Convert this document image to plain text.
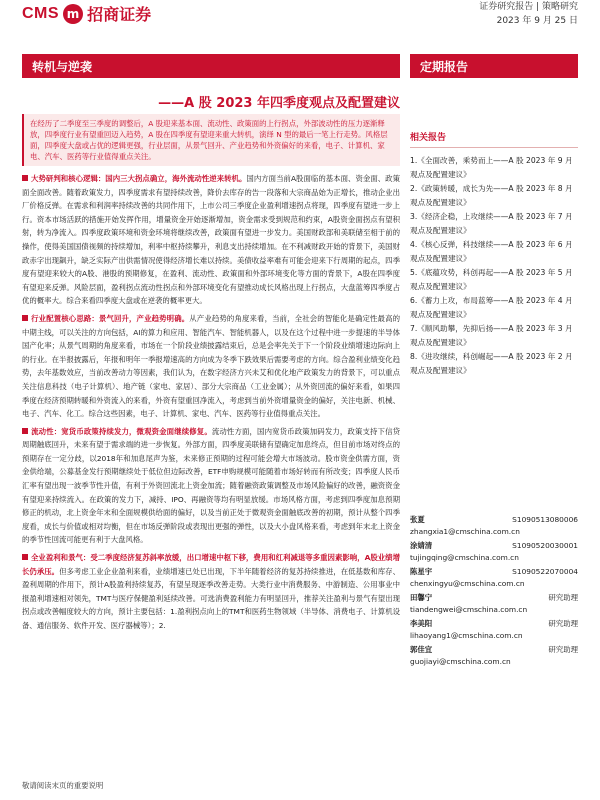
CMS m 招商证券	证券研究报告 | 策略研究
2023 年 9 月 25 日
转机与逆袭	定期报告
——A 股 2023 年四季度观点及配置建议
在经历了二季度至三季度的调整后，A 股迎来基本面、流动性、政策面的上行拐点，外部波动性的压力逐渐释放，四季度行业有望重回迈入趋势，A 股在四季度有望迎来重大转机，演绎 N 型的最后一笔上行走势。风格层面，四季度大盘或占优的逻辑更强，行业层面，从景气回升、产业趋势和外资偏好的来看，电子、计算机、家电、汽车、医药等行业值得重点关注。
大势研判和核心逻辑：国内三大拐点确立，海外流动性逆来转机。国内方面当前A股面临的基本面、资金面、政策面全面改善。随着政策发力，四季度需求有望持续改善，降价去库存的告一段落和大宗商品始为正增长，推动企业出厂价格反弹。在需求和利润率持续改善的共同作用下，上市公司三季度企业盈利增速拐点将现，四季度有望进一步上行。资本市场活跃的措施开始发挥作用，增量资金开始逐渐增加，资金需求受到规范和约束，A股资金面拐点有望积射，转为净流入。四季度政策环境和资金环境将继续改善，政策面有望进一步发力。美国财政部和美联储至相于前的操作，使得美国国债视频的持续增加，利率中枢持续攀升，利息支出持续增加。在不利减财政开始的背景下，美国财政赤字出现飙升，缺乏实际产出供需情况使得经济增长难以持续。美债收益率难有可能会迎来下行周期的起点，四季度有望迎来较大的A股、港股的预期修复，在盈利、流动性、政策面和外部环境变化等方面的背景下，A股在四季度有望迎来反弹。风险层面，盈利拐点流动性拐点和外部环境变化有望推动成长风格出现上行拐点，大盘蓝筹四季度占优的概率大。综合来看四季度大盘或在逆袭的概率更大。
行业配置核心思路：景气回升，产业趋势明确。从产业趋势的角度来看，当前，全社会的智能化是确定性最高的中期主线，可以关注的方向包括，AI的算力和应用、智能汽车、智能机器人，以及在这个过程中进一步提速的半导体国产化率；从景气周期的角度来看，市场在一个阶段业绩披露结束后，总是会率先关于下一个阶段业绩增速边际向上的行业。在半报披露后，年报和明年一季报增速高的方向成为冬季下跌效果后需要考虑的方向。综合盈利业绩变化趋势，去年基数效应，当前改善动力等因素，我们认为，在数字经济方兴未艾和优化地产政策发力的背景下，可以重点关注信息科技（电子计算机）、地产链（家电、家居）、部分大宗商品（工业金属）；从外资回流的偏好来看，如果四季度在经济预期转暖和外资流入的来看，外资有望重回净流入，考虑到当前外资增量资金的偏好，关注电新、机械、电子、汽车、化工。综合这些因素，电子、计算机、家电、汽车、医药等行业值得重点关注。
流动性：宽货币政策持续发力，微观资金面继续修复。流动性方面，国内宽货币政策加码发力，政策支持下信贷周期触底回升，未来有望于需求端的进一步恢复。外部方面，四季度美联储有望确定加息终点，但目前市场对终点的预期存在一定分歧，以2018年和加息尾声为鉴，未来修正预期的过程可能会增大市场波动。股市资金供需方面，资金供给端，公募基金发行预期继续处于低位但边际改善，ETF申购规模可能随着市场好转而有所改变；四季度人民币汇率有望出现一波季节性升值，有利于外资回流北上资金加流；随着融资政策调整及市场风险偏好的改善，融资资金有望迎来持续流入。在政策的发力下，减持、IPO、再融资等均有明显放缓。市场风格方面，考虑到四季度加息预期修正的机动，北上资金年末和全面规模供给面的偏好，以及当前正处于微观资金面触底改善的初期，预计从整个四季度看，成长与价值或相对均衡，但在市场反弹阶段或表现出更强的弹性，以及大小盘风格来看，考虑到年末北上资金的季节性回流可能更有利于大盘风格。
全业盈利和景气：受二季度经济复苏斜率放缓，出口增速中枢下移，费用和红利减退等多重因素影响，A股业绩增长仍承压。但多考虑工业企业盈利来看，业绩增速已处已出现，下半年随着经济的复苏持续推进，在低基数和库存、盈利周期的作用下，预计A股盈利持续复苏，有望呈现逐季改善走势。大类行业中消费服务、中游制造、公用事业中报盈利增速相对领先，TMT与医疗保健盈利延续改善。可选消费盈利能力有明显回升，推荐关注盈利与景气有望出现拐点或改善幅度较大的方向，预计主要包括：1.盈利拐点向上的TMT和医药生物领域（半导体、消费电子、计算机设备、通信服务、软件开发、医疗器械等）；2.
相关报告
1.《全面改善，乘势而上——A 股 2023 年 9 月观点及配置建议》
2.《政策转暖，成长为先——A 股 2023 年 8 月观点及配置建议》
3.《经济企稳，上攻继续——A 股 2023 年 7 月观点及配置建议》
4.《核心反弹，科技继续——A 股 2023 年 6 月观点及配置建议》
5.《底蕴攻势，科创再起——A 股 2023 年 5 月观点及配置建议》
6.《蓄力上攻，布局蓝筹——A 股 2023 年 4 月观点及配置建议》
7.《顺风助攀，先抑后扬——A 股 2023 年 3 月观点及配置建议》
8.《进攻继续，科创崛起——A 股 2023 年 2 月观点及配置建议》
张夏	S1090513080006
zhangxia1@cmschina.com.cn
涂婧清	S1090520030001
tujingqing@cmschina.com.cn
陈星宇	S1090522070004
chenxingyu@cmschina.com.cn
田馨宁	研究助理
tiandengwei@cmschina.com.cn
李美阳	研究助理
lihaoyang1@cmschina.com.cn
郭佳宜	研究助理
guojiayi@cmschina.com.cn
敬请阅读末页的重要说明
